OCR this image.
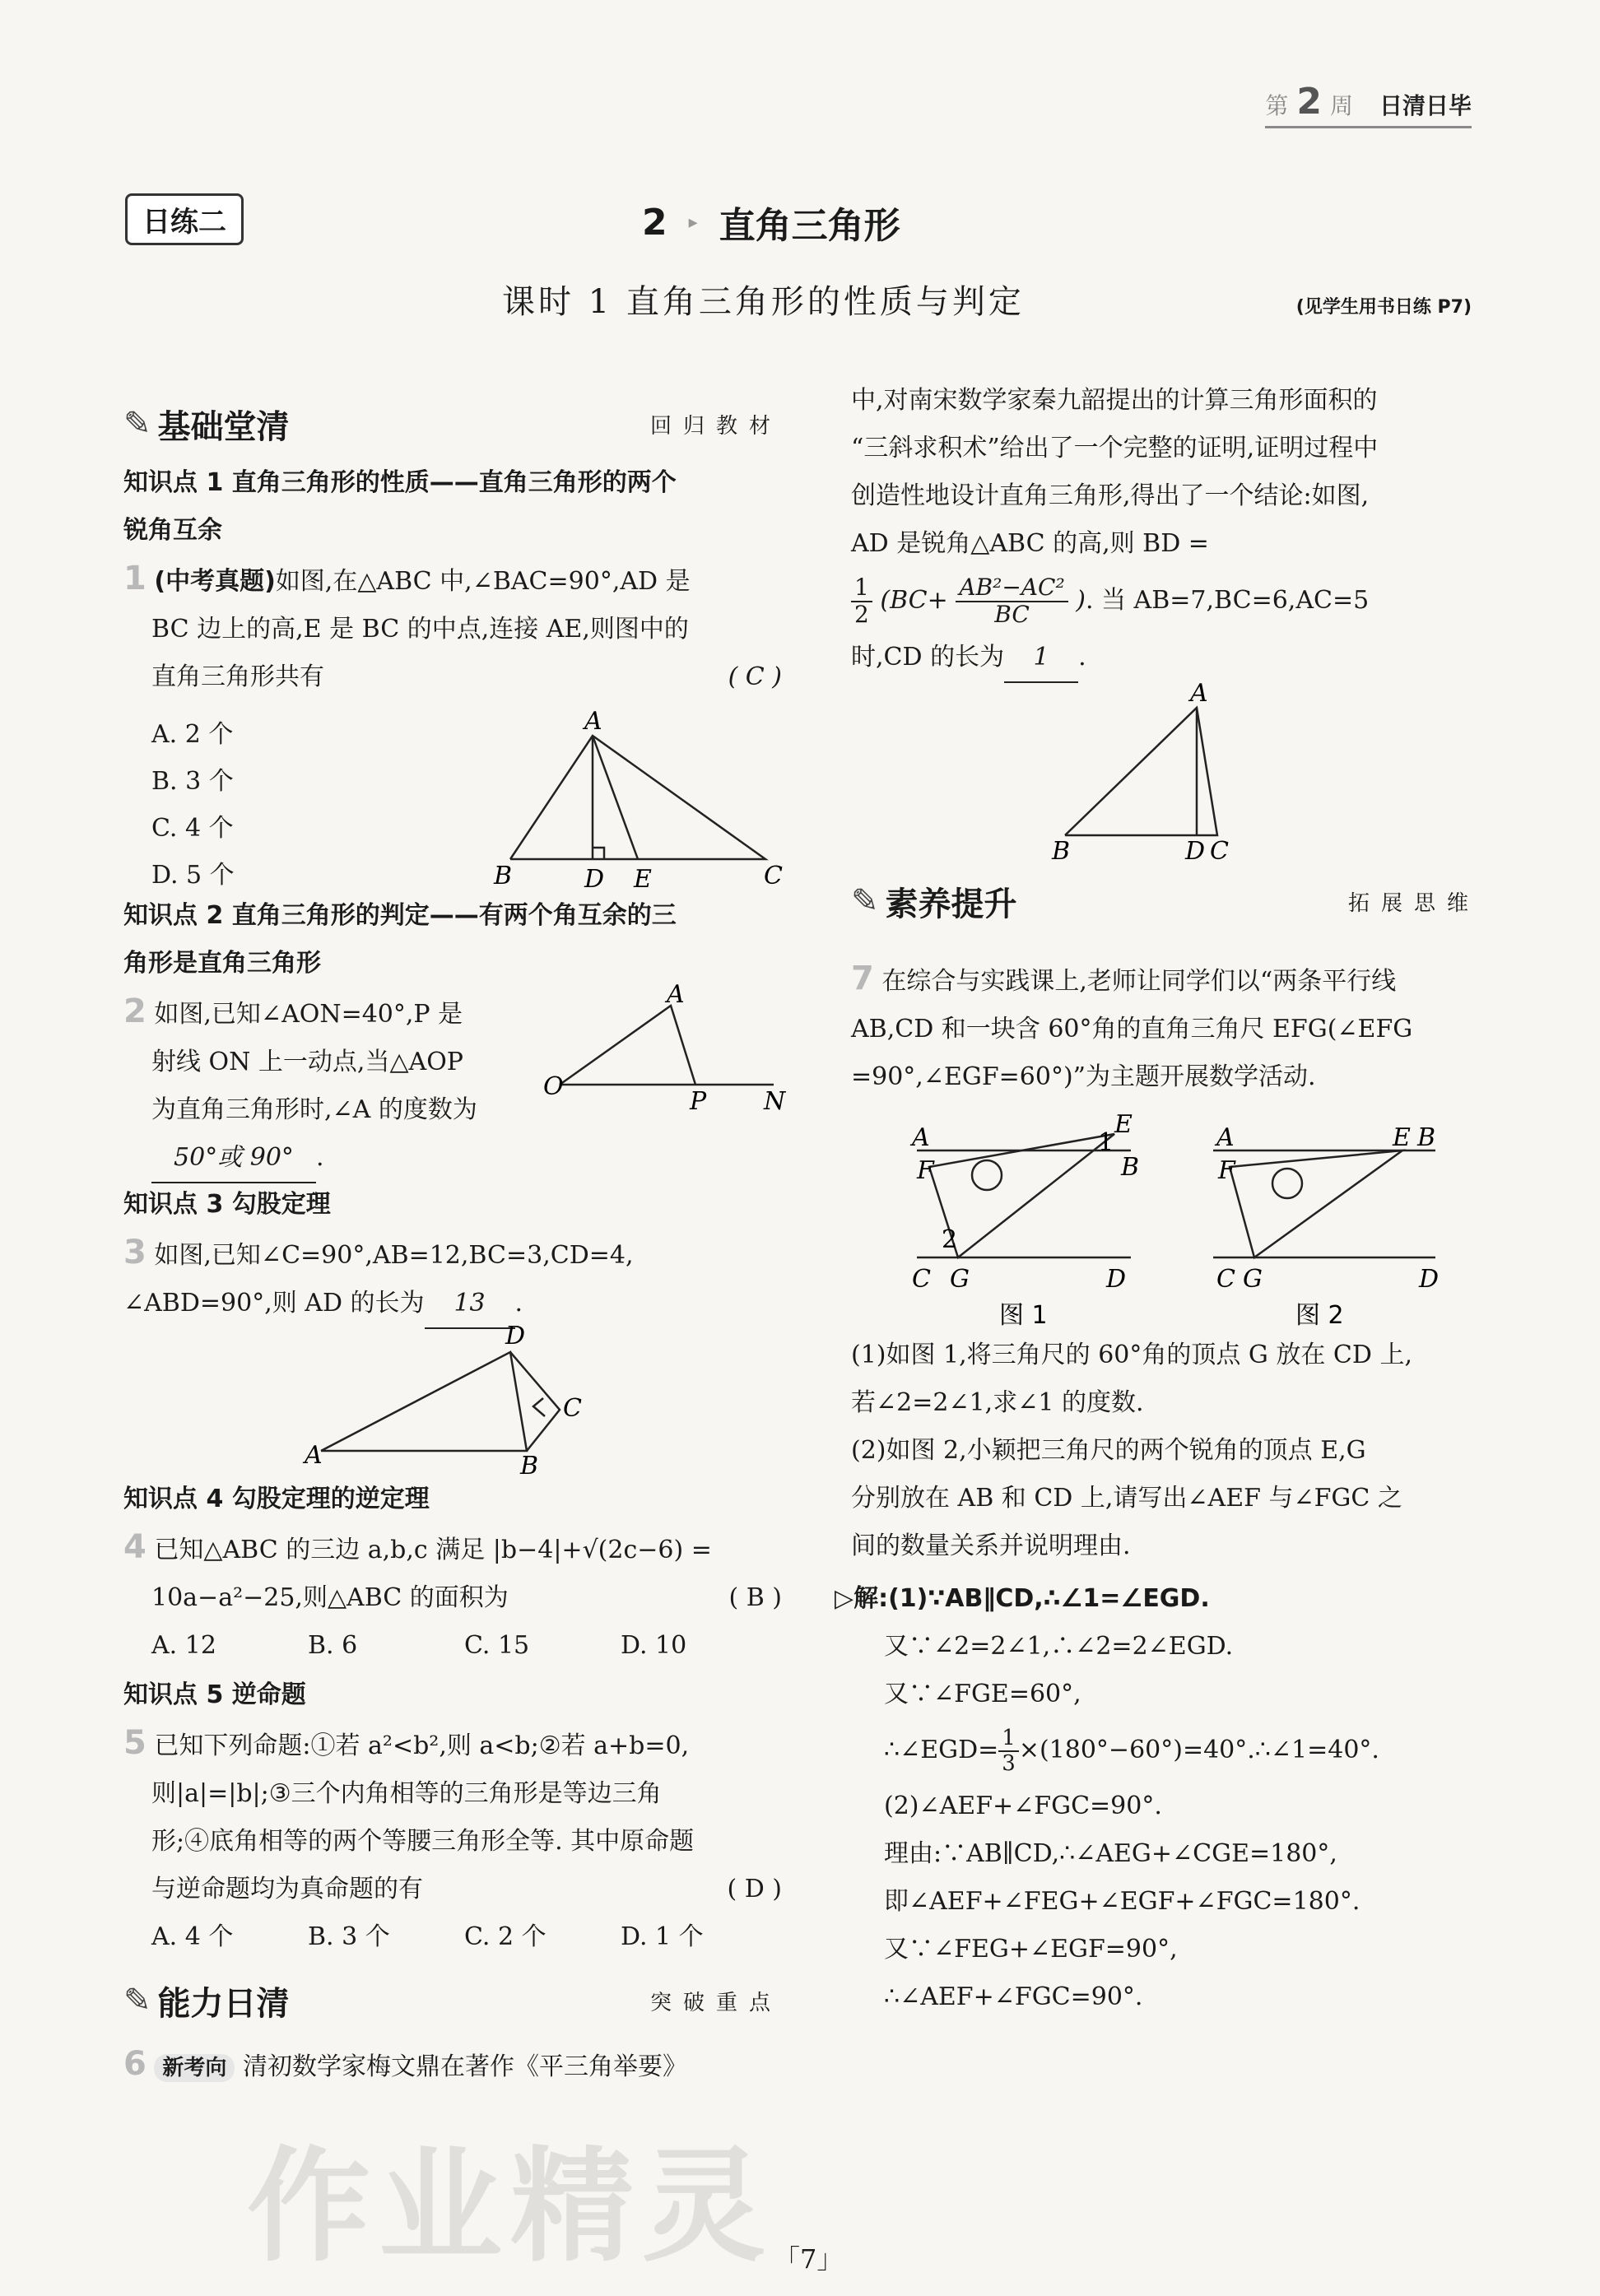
第 2 周 日清日毕
日练二	2 ▸ 直角三角形
课时 1 直角三角形的性质与判定	(见学生用书日练 P7)
✎ 基础堂清	回归教材
知识点 1 直角三角形的性质——直角三角形的两个
锐角互余
1 (中考真题)如图,在△ABC 中,∠BAC=90°,AD 是
BC 边上的高,E 是 BC 的中点,连接 AE,则图中的
直角三角形共有	( C )
A. 2 个
B. 3 个
C. 4 个
D. 5 个
A
B	D E	C
知识点 2 直角三角形的判定——有两个角互余的三
角形是直角三角形
2 如图,已知∠AON=40°,P 是
射线 ON 上一动点,当△AOP
为直角三角形时,∠A 的度数为
50°或 90° .
A
O
P N
知识点 3 勾股定理
3 如图,已知∠C=90°,AB=12,BC=3,CD=4,
∠ABD=90°,则 AD 的长为 13 .
D
A	B
C
知识点 4 勾股定理的逆定理
4 已知△ABC 的三边 a,b,c 满足 |b−4|+√(2c−6) =
10a−a²−25,则△ABC 的面积为	( B )
A. 12	B. 6	C. 15	D. 10
知识点 5 逆命题
5 已知下列命题:①若 a²<b²,则 a<b;②若 a+b=0,
则|a|=|b|;③三个内角相等的三角形是等边三角
形;④底角相等的两个等腰三角形全等. 其中原命题
与逆命题均为真命题的有	( D )
A. 4 个	B. 3 个	C. 2 个	D. 1 个
✎ 能力日清	突破重点
6 新考向 清初数学家梅文鼎在著作《平三角举要》
中,对南宋数学家秦九韶提出的计算三角形面积的
“三斜求积术”给出了一个完整的证明,证明过程中
创造性地设计直角三角形,得出了一个结论:如图,
AD 是锐角△ABC 的高,则 BD =
$\frac{1}{2} (BC+ \frac{\text{AB²−AC²}}{BC}$ ). 当 AB=7,BC=6,AC=5
时,CD 的长为 1 .
A
B	D C
✎ 素养提升	拓展思维
7 在综合与实践课上,老师让同学们以“两条平行线
AB,CD 和一块含 60°角的直角三角尺 EFG(∠EFG
=90°,∠EGF=60°)”为主题开展数学活动.
A
F
E
B
1
2
C G	D
图 1
A
F
E B
C G	D
图 2
(1)如图 1,将三角尺的 60°角的顶点 G 放在 CD 上,
若∠2=2∠1,求∠1 的度数.
(2)如图 2,小颖把三角尺的两个锐角的顶点 E,G
分别放在 AB 和 CD 上,请写出∠AEF 与∠FGC 之
间的数量关系并说明理由.
▷解:(1)∵AB∥CD,∴∠1=∠EGD.
又∵∠2=2∠1,∴∠2=2∠EGD.
又∵∠FGE=60°,
∴∠EGD= $\frac{1}{3}$ ×(180°−60°)=40°.∴∠1=40°.
(2)∠AEF+∠FGC=90°.
理由:∵AB∥CD,∴∠AEG+∠CGE=180°,
即∠AEF+∠FEG+∠EGF+∠FGC=180°.
又∵∠FEG+∠EGF=90°,
∴∠AEF+∠FGC=90°.
作业精灵 「7」
